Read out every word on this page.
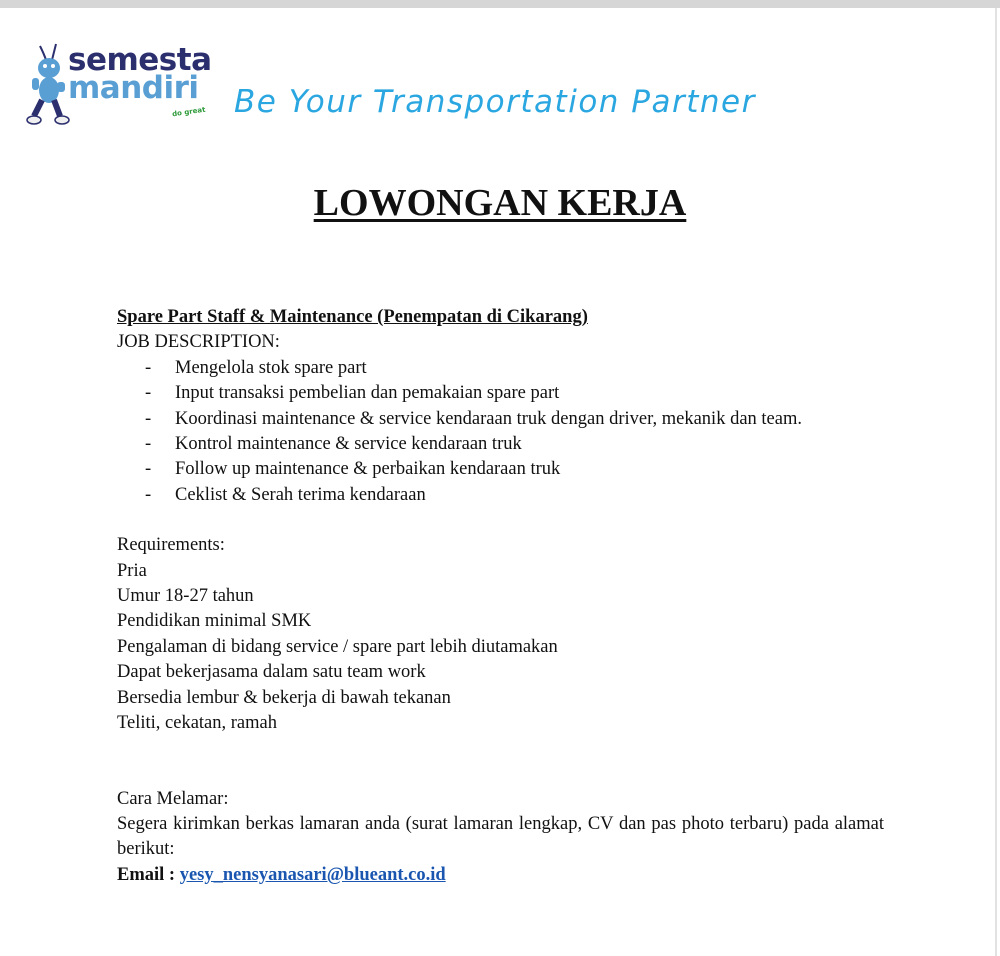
semesta
mandiri
do great Be Your Transportation Partner
LOWONGAN KERJA
Spare Part Staff & Maintenance (Penempatan di Cikarang)
JOB DESCRIPTION:
- Mengelola stok spare part
- Input transaksi pembelian dan pemakaian spare part
- Koordinasi maintenance & service kendaraan truk dengan driver, mekanik dan team.
- Kontrol maintenance & service kendaraan truk
- Follow up maintenance & perbaikan kendaraan truk
- Ceklist & Serah terima kendaraan
Requirements:
Pria
Umur 18-27 tahun
Pendidikan minimal SMK
Pengalaman di bidang service / spare part lebih diutamakan
Dapat bekerjasama dalam satu team work
Bersedia lembur & bekerja di bawah tekanan
Teliti, cekatan, ramah
Cara Melamar:
Segera kirimkan berkas lamaran anda (surat lamaran lengkap, CV dan pas photo terbaru) pada alamat berikut:
Email : yesy_nensyanasari@blueant.co.id
